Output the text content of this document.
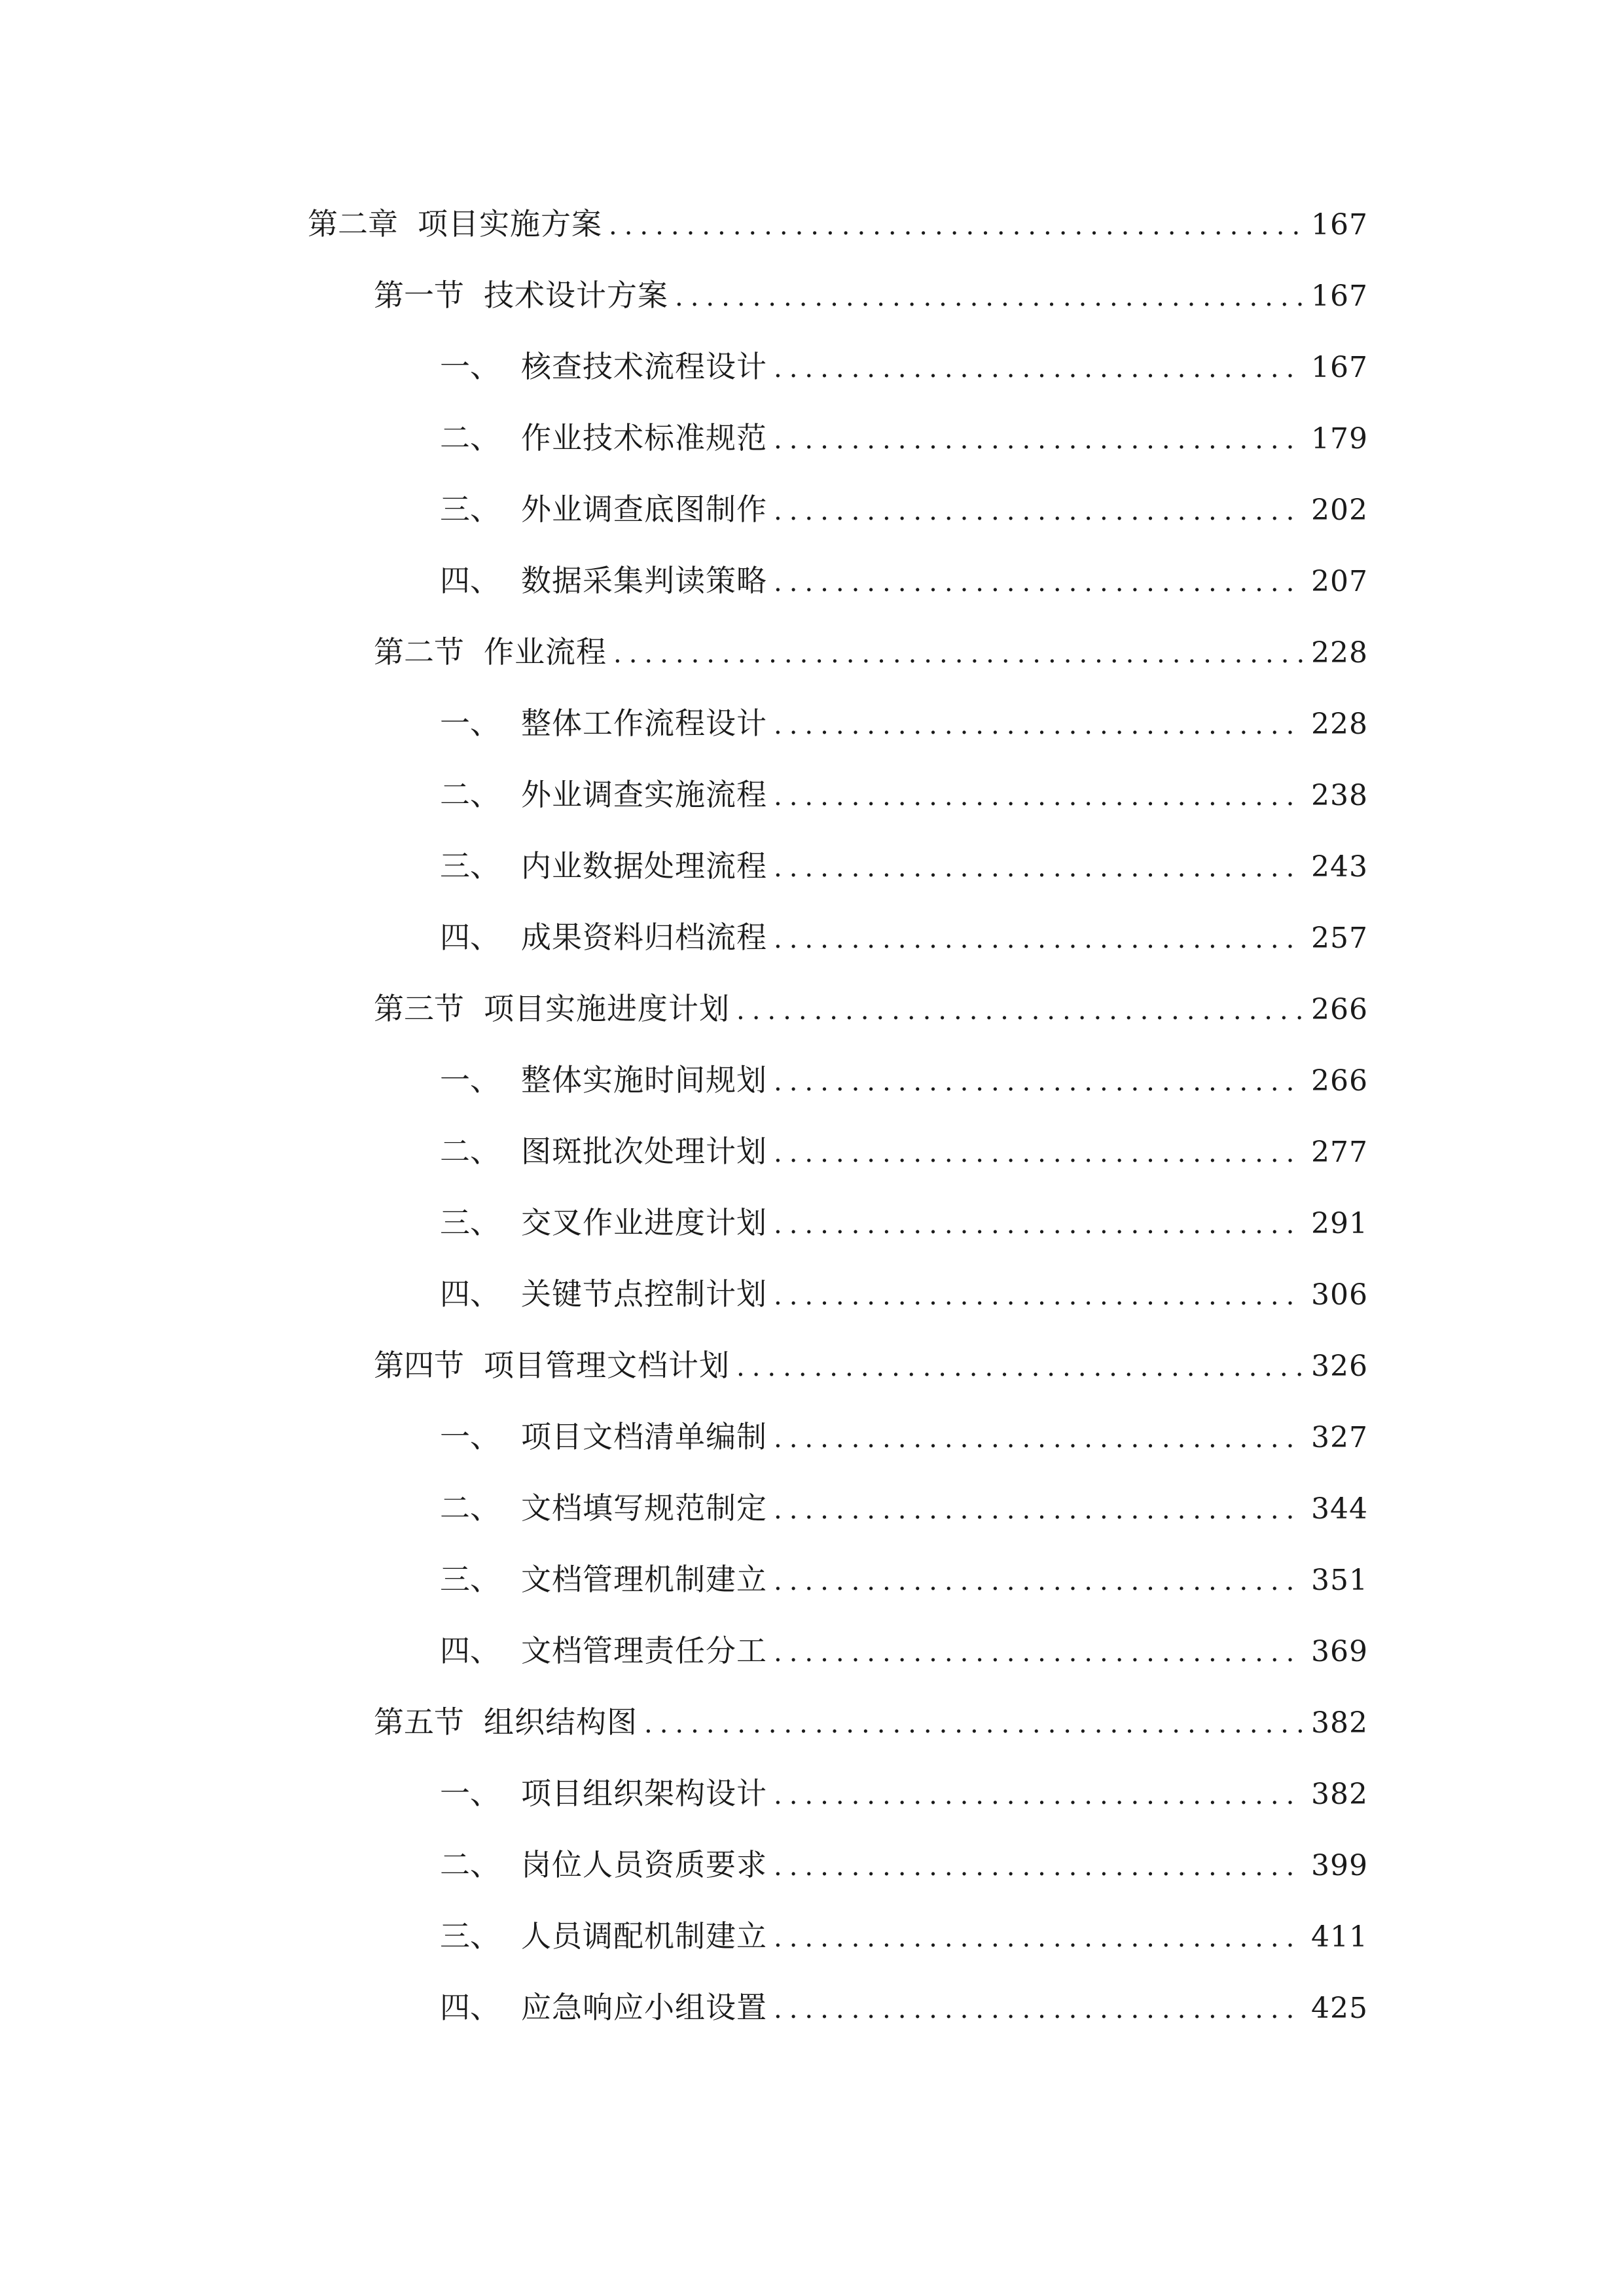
第二章 项目实施方案 .....	167
第一节 技术设计方案 .....	167
一、 核查技术流程设计 .....	167
二、 作业技术标准规范 .....	179
三、 外业调查底图制作 .....	202
四、 数据采集判读策略 .....	207
第二节 作业流程 .....	228
一、 整体工作流程设计 .....	228
二、 外业调查实施流程 .....	238
三、 内业数据处理流程 .....	243
四、 成果资料归档流程 .....	257
第三节 项目实施进度计划 .....	266
一、 整体实施时间规划 .....	266
二、 图斑批次处理计划 .....	277
三、 交叉作业进度计划 .....	291
四、 关键节点控制计划 .....	306
第四节 项目管理文档计划 .....	326
一、 项目文档清单编制 .....	327
二、 文档填写规范制定 .....	344
三、 文档管理机制建立 .....	351
四、 文档管理责任分工 .....	369
第五节 组织结构图 .....	382
一、 项目组织架构设计 .....	382
二、 岗位人员资质要求 .....	399
三、 人员调配机制建立 .....	411
四、 应急响应小组设置 .....	425
